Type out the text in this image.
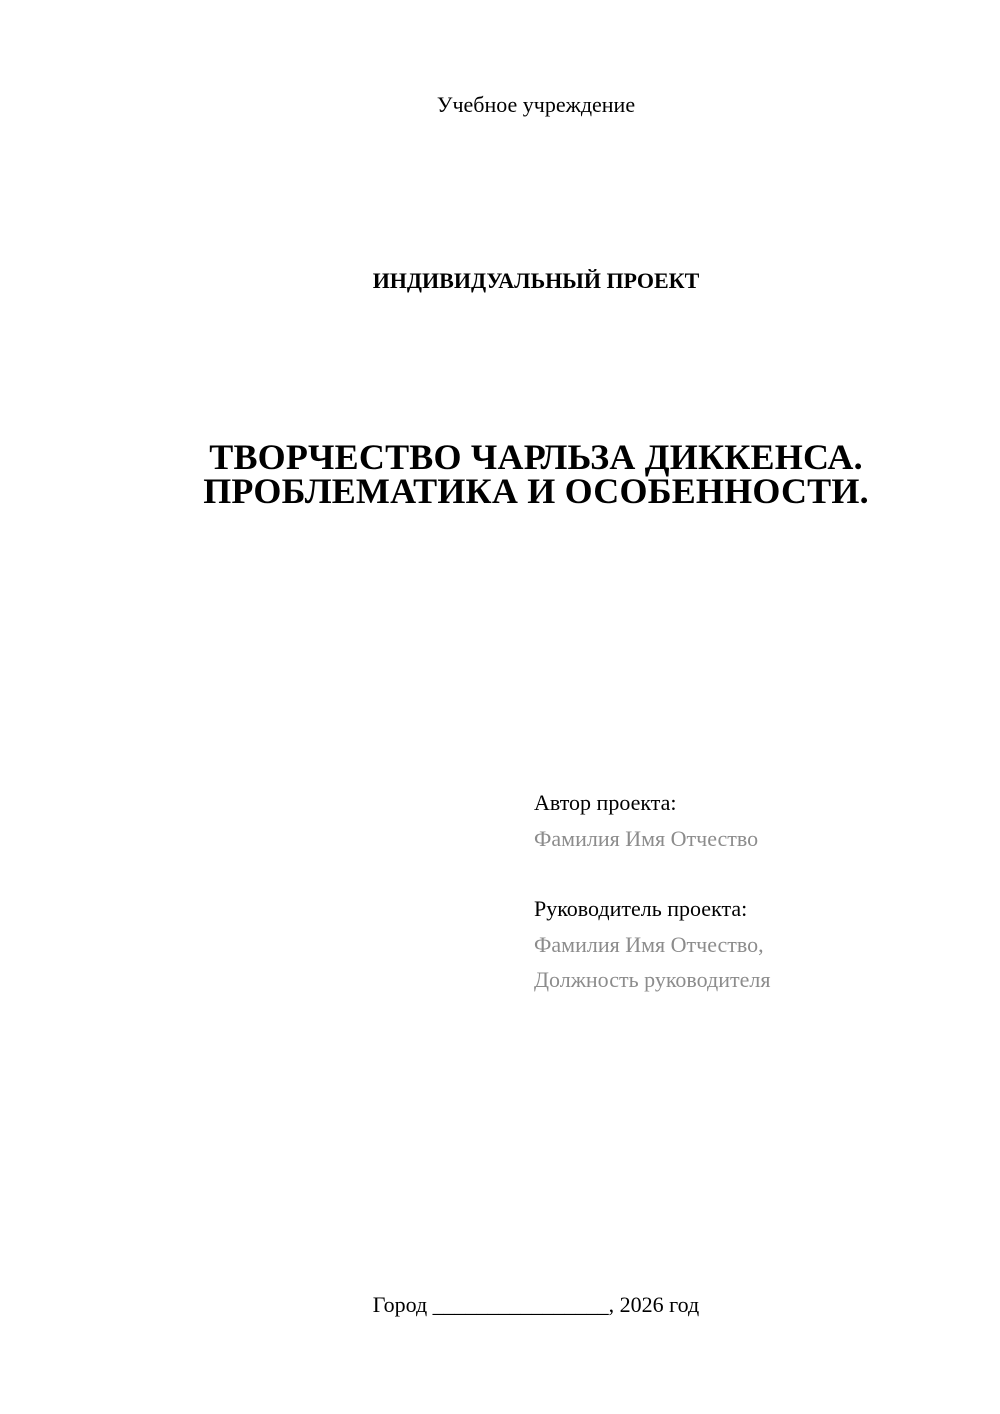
Учебное учреждение
ИНДИВИДУАЛЬНЫЙ ПРОЕКТ
ТВОРЧЕСТВО ЧАРЛЬЗА ДИККЕНСА.
ПРОБЛЕМАТИКА И ОСОБЕННОСТИ.
Автор проекта:
Фамилия Имя Отчество
Руководитель проекта:
Фамилия Имя Отчество,
Должность руководителя
Город ________________, 2026 год
